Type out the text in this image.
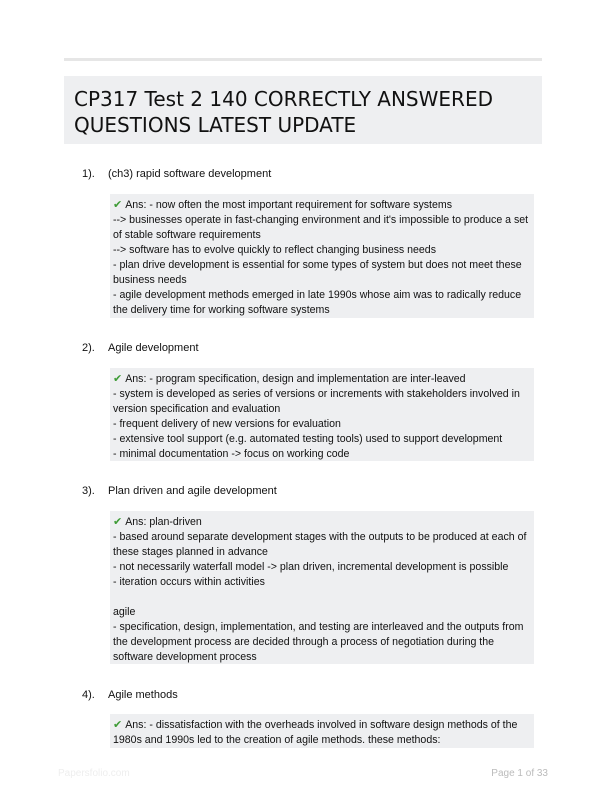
CP317 Test 2 140 CORRECTLY ANSWERED QUESTIONS LATEST UPDATE
1). (ch3) rapid software development
✔ Ans: - now often the most important requirement for software systems
--> businesses operate in fast-changing environment and it's impossible to produce a set of stable software requirements
--> software has to evolve quickly to reflect changing business needs
- plan drive development is essential for some types of system but does not meet these business needs
- agile development methods emerged in late 1990s whose aim was to radically reduce the delivery time for working software systems
2). Agile development
✔ Ans: - program specification, design and implementation are inter-leaved
- system is developed as series of versions or increments with stakeholders involved in version specification and evaluation
- frequent delivery of new versions for evaluation
- extensive tool support (e.g. automated testing tools) used to support development
- minimal documentation -> focus on working code
3). Plan driven and agile development
✔ Ans: plan-driven
- based around separate development stages with the outputs to be produced at each of these stages planned in advance
- not necessarily waterfall model -> plan driven, incremental development is possible
- iteration occurs within activities
agile
- specification, design, implementation, and testing are interleaved and the outputs from the development process are decided through a process of negotiation during the software development process
4). Agile methods
✔ Ans: - dissatisfaction with the overheads involved in software design methods of the 1980s and 1990s led to the creation of agile methods. these methods:
Papersfolio.com	Page 1 of 33
